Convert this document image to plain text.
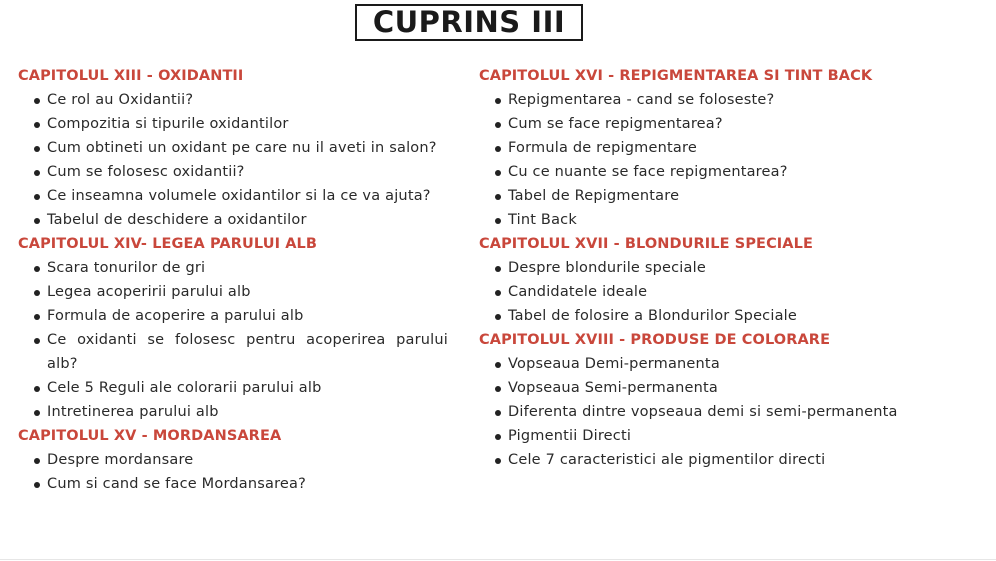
CUPRINS III
CAPITOLUL XIII - OXIDANTII
Ce rol au Oxidantii?
Compozitia si tipurile oxidantilor
Cum obtineti un oxidant pe care nu il aveti in salon?
Cum se folosesc oxidantii?
Ce inseamna volumele oxidantilor si la ce va ajuta?
Tabelul de deschidere a oxidantilor
CAPITOLUL XIV- LEGEA PARULUI ALB
Scara tonurilor de gri
Legea acoperirii parului alb
Formula de acoperire a parului alb
Ce oxidanti se folosesc pentru acoperirea parului alb?
Cele 5 Reguli ale colorarii parului alb
Intretinerea parului alb
CAPITOLUL XV - MORDANSAREA
Despre mordansare
Cum si cand se face Mordansarea?
CAPITOLUL XVI - REPIGMENTAREA SI TINT BACK
Repigmentarea - cand se foloseste?
Cum se face repigmentarea?
Formula de repigmentare
Cu ce nuante se face repigmentarea?
Tabel de Repigmentare
Tint Back
CAPITOLUL XVII - BLONDURILE SPECIALE
Despre blondurile speciale
Candidatele ideale
Tabel de folosire a Blondurilor Speciale
CAPITOLUL XVIII - PRODUSE DE COLORARE
Vopseaua Demi-permanenta
Vopseaua Semi-permanenta
Diferenta dintre vopseaua demi si semi-permanenta
Pigmentii Directi
Cele 7 caracteristici ale pigmentilor directi
